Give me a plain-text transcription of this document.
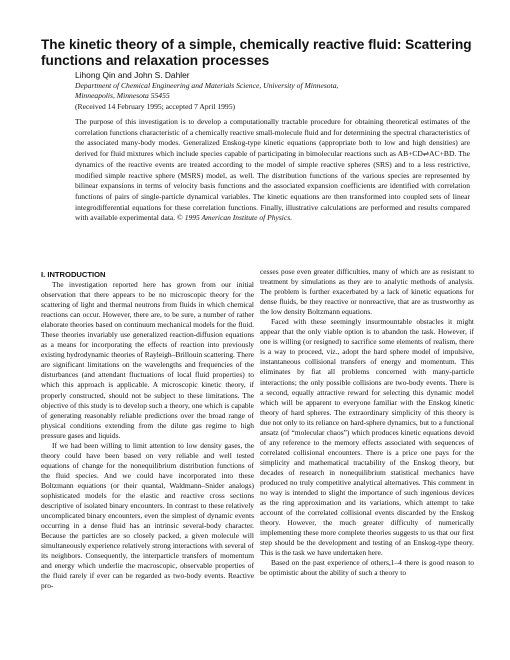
The kinetic theory of a simple, chemically reactive fluid: Scattering functions and relaxation processes
Lihong Qin and John S. Dahler
Department of Chemical Engineering and Materials Science, University of Minnesota, Minneapolis, Minnesota 55455
(Received 14 February 1995; accepted 7 April 1995)

The purpose of this investigation is to develop a computationally tractable procedure for obtaining theoretical estimates of the correlation functions characteristic of a chemically reactive small-molecule fluid and for determining the spectral characteristics of the associated many-body modes. Generalized Enskog-type kinetic equations (appropriate both to low and high densities) are derived for fluid mixtures which include species capable of participating in bimolecular reactions such as AB+CD⇌AC+BD. The dynamics of the reactive events are treated according to the model of simple reactive spheres (SRS) and to a less restrictive, modified simple reactive sphere (MSRS) model, as well. The distribution functions of the various species are represented by bilinear expansions in terms of velocity basis functions and the associated expansion coefficients are identified with correlation functions of pairs of single-particle dynamical variables. The kinetic equations are then transformed into coupled sets of linear integrodifferential equations for these correlation functions. Finally, illustrative calculations are performed and results compared with available experimental data. © 1995 American Institute of Physics.

I. INTRODUCTION

The investigation reported here has grown from our initial observation that there appears to be no microscopic theory for the scattering of light and thermal neutrons from fluids in which chemical reactions can occur. However, there are, to be sure, a number of rather elaborate theories based on continuum mechanical models for the fluid. These theories invariably use generalized reaction-diffusion equations as a means for incorporating the effects of reaction into previously existing hydrodynamic theories of Rayleigh–Brillouin scattering. There are significant limitations on the wavelengths and frequencies of the disturbances (and attendant fluctuations of local fluid properties) to which this approach is applicable. A microscopic kinetic theory, if properly constructed, should not be subject to these limitations. The objective of this study is to develop such a theory, one which is capable of generating reasonably reliable predictions over the broad range of physical conditions extending from the dilute gas regime to high pressure gases and liquids.

If we had been willing to limit attention to low density gases, the theory could have been based on very reliable and well tested equations of change for the nonequilibrium distribution functions of the fluid species. And we could have incorporated into these Boltzmann equations (or their quantal, Waldmann–Snider analogs) sophisticated models for the elastic and reactive cross sections descriptive of isolated binary encounters. In contrast to these relatively uncomplicated binary encounters, even the simplest of dynamic events occurring in a dense fluid has an intrinsic several-body character. Because the particles are so closely packed, a given molecule will simultaneously experience relatively strong interactions with several of its neighbors. Consequently, the interparticle transfers of momentum and energy which underlie the macroscopic, observable properties of the fluid rarely if ever can be regarded as two-body events. Reactive pro-

cesses pose even greater difficulties, many of which are as resistant to treatment by simulations as they are to analytic methods of analysis. The problem is further exacerbated by a lack of kinetic equations for dense fluids, be they reactive or nonreactive, that are as trustworthy as the low density Boltzmann equations.

Faced with these seemingly insurmountable obstacles it might appear that the only viable option is to abandon the task. However, if one is willing (or resigned) to sacrifice some elements of realism, there is a way to proceed, viz., adopt the hard sphere model of impulsive, instantaneous collisional transfers of energy and momentum. This eliminates by fiat all problems concerned with many-particle interactions; the only possible collisions are two-body events. There is a second, equally attractive reward for selecting this dynamic model which will be apparent to everyone familiar with the Enskog kinetic theory of hard spheres. The extraordinary simplicity of this theory is due not only to its reliance on hard-sphere dynamics, but to a functional ansatz (of “molecular chaos”) which produces kinetic equations devoid of any reference to the memory effects associated with sequences of correlated collisional encounters. There is a price one pays for the simplicity and mathematical tractability of the Enskog theory, but decades of research in nonequilibrium statistical mechanics have produced no truly competitive analytical alternatives. This comment in no way is intended to slight the importance of such ingenious devices as the ring approximation and its variations, which attempt to take account of the correlated collisional events discarded by the Enskog theory. However, the much greater difficulty of numerically implementing these more complete theories suggests to us that our first step should be the development and testing of an Enskog-type theory. This is the task we have undertaken here.

Based on the past experience of others,1–4 there is good reason to be optimistic about the ability of such a theory to
